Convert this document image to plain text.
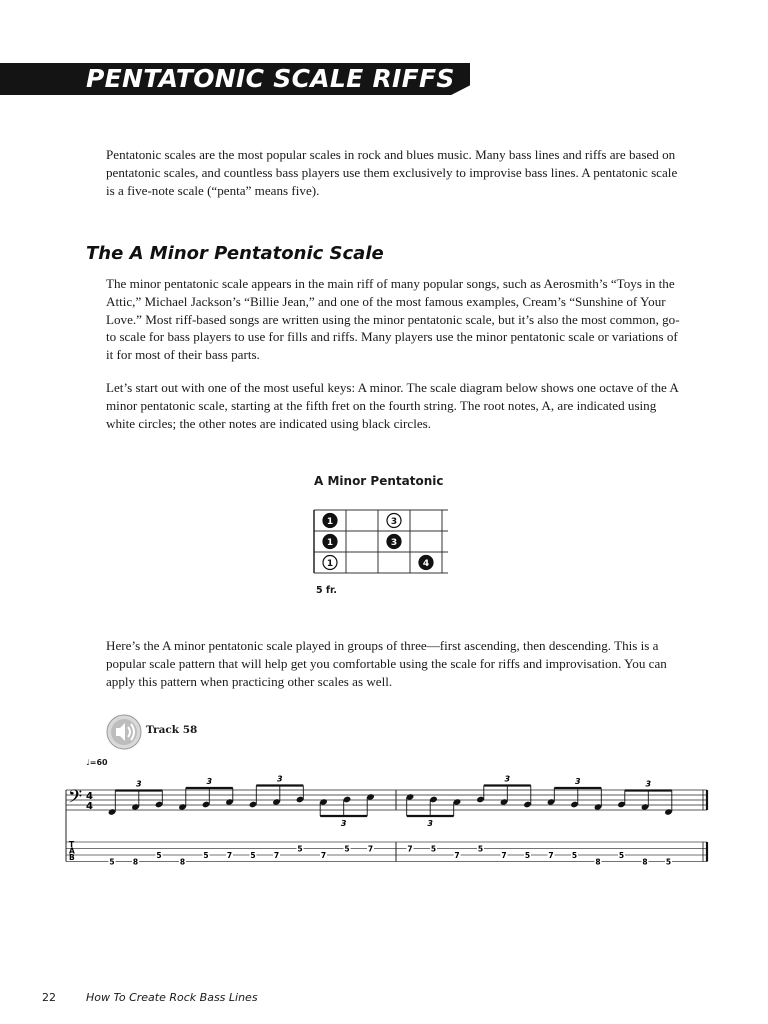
PENTATONIC SCALE RIFFS

Pentatonic scales are the most popular scales in rock and blues music. Many bass lines and riffs are based on pentatonic scales, and countless bass players use them exclusively to improvise bass lines. A pentatonic scale is a five-note scale (“penta” means five).

The A Minor Pentatonic Scale

The minor pentatonic scale appears in the main riff of many popular songs, such as Aerosmith’s “Toys in the Attic,” Michael Jackson’s “Billie Jean,” and one of the most famous examples, Cream’s “Sunshine of Your Love.” Most riff-based songs are written using the minor pentatonic scale, but it’s also the most common, go-to scale for bass players to use for fills and riffs. Many players use the minor pentatonic scale or variations of it for most of their bass parts.

Let’s start out with one of the most useful keys: A minor. The scale diagram below shows one octave of the A minor pentatonic scale, starting at the fifth fret on the fourth string. The root notes, A, are indicated using white circles; the other notes are indicated using black circles.

A Minor Pentatonic
1	3
1	3
1	4
5 fr.

Here’s the A minor pentatonic scale played in groups of three—first ascending, then descending. This is a popular scale pattern that will help get you comfortable using the scale for riffs and improvisation. You can apply this pattern when practicing other scales as well.

Track 58
♩=60
𝄢 4
4
T
A
B	5 8
5
8
5 7 5 7
5
7
5 7
3	3	3
3
7 5
7
5
7 5 7 5
8
5
8 5
3
3	3	3
22	How To Create Rock Bass Lines
